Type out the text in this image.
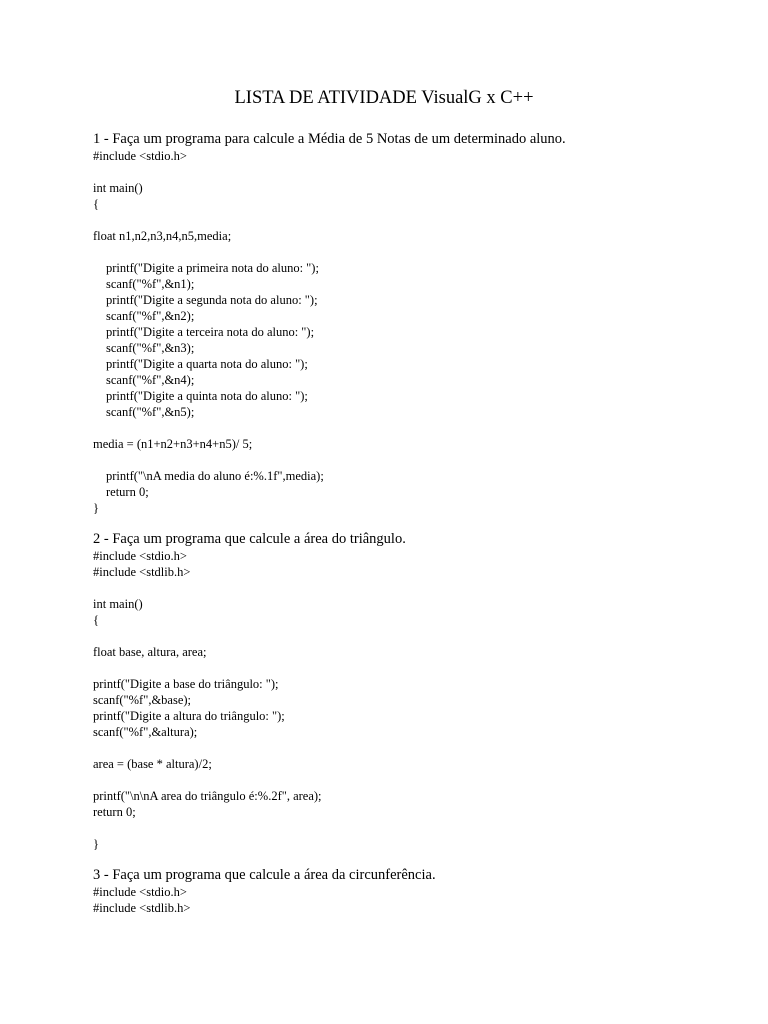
LISTA DE ATIVIDADE VisualG x C++
1 - Faça um programa para calcule a Média de 5 Notas de um determinado aluno.
#include <stdio.h>
int main()
{
float n1,n2,n3,n4,n5,media;
printf("Digite a primeira nota do aluno: ");
scanf("%f",&n1);
printf("Digite a segunda nota do aluno: ");
scanf("%f",&n2);
printf("Digite a terceira nota do aluno: ");
scanf("%f",&n3);
printf("Digite a quarta nota do aluno: ");
scanf("%f",&n4);
printf("Digite a quinta nota do aluno: ");
scanf("%f",&n5);
media = (n1+n2+n3+n4+n5)/ 5;
printf("\nA media do aluno é:%.1f",media);
return 0;
}
2 - Faça um programa que calcule a área do triângulo.
#include <stdio.h>
#include <stdlib.h>
int main()
{
float base, altura, area;
printf("Digite a base do triângulo: ");
scanf("%f",&base);
printf("Digite a altura do triângulo: ");
scanf("%f",&altura);
area = (base * altura)/2;
printf("\n\nA area do triângulo é:%.2f", area);
return 0;
}
3 - Faça um programa que calcule a área da circunferência.
#include <stdio.h>
#include <stdlib.h>
